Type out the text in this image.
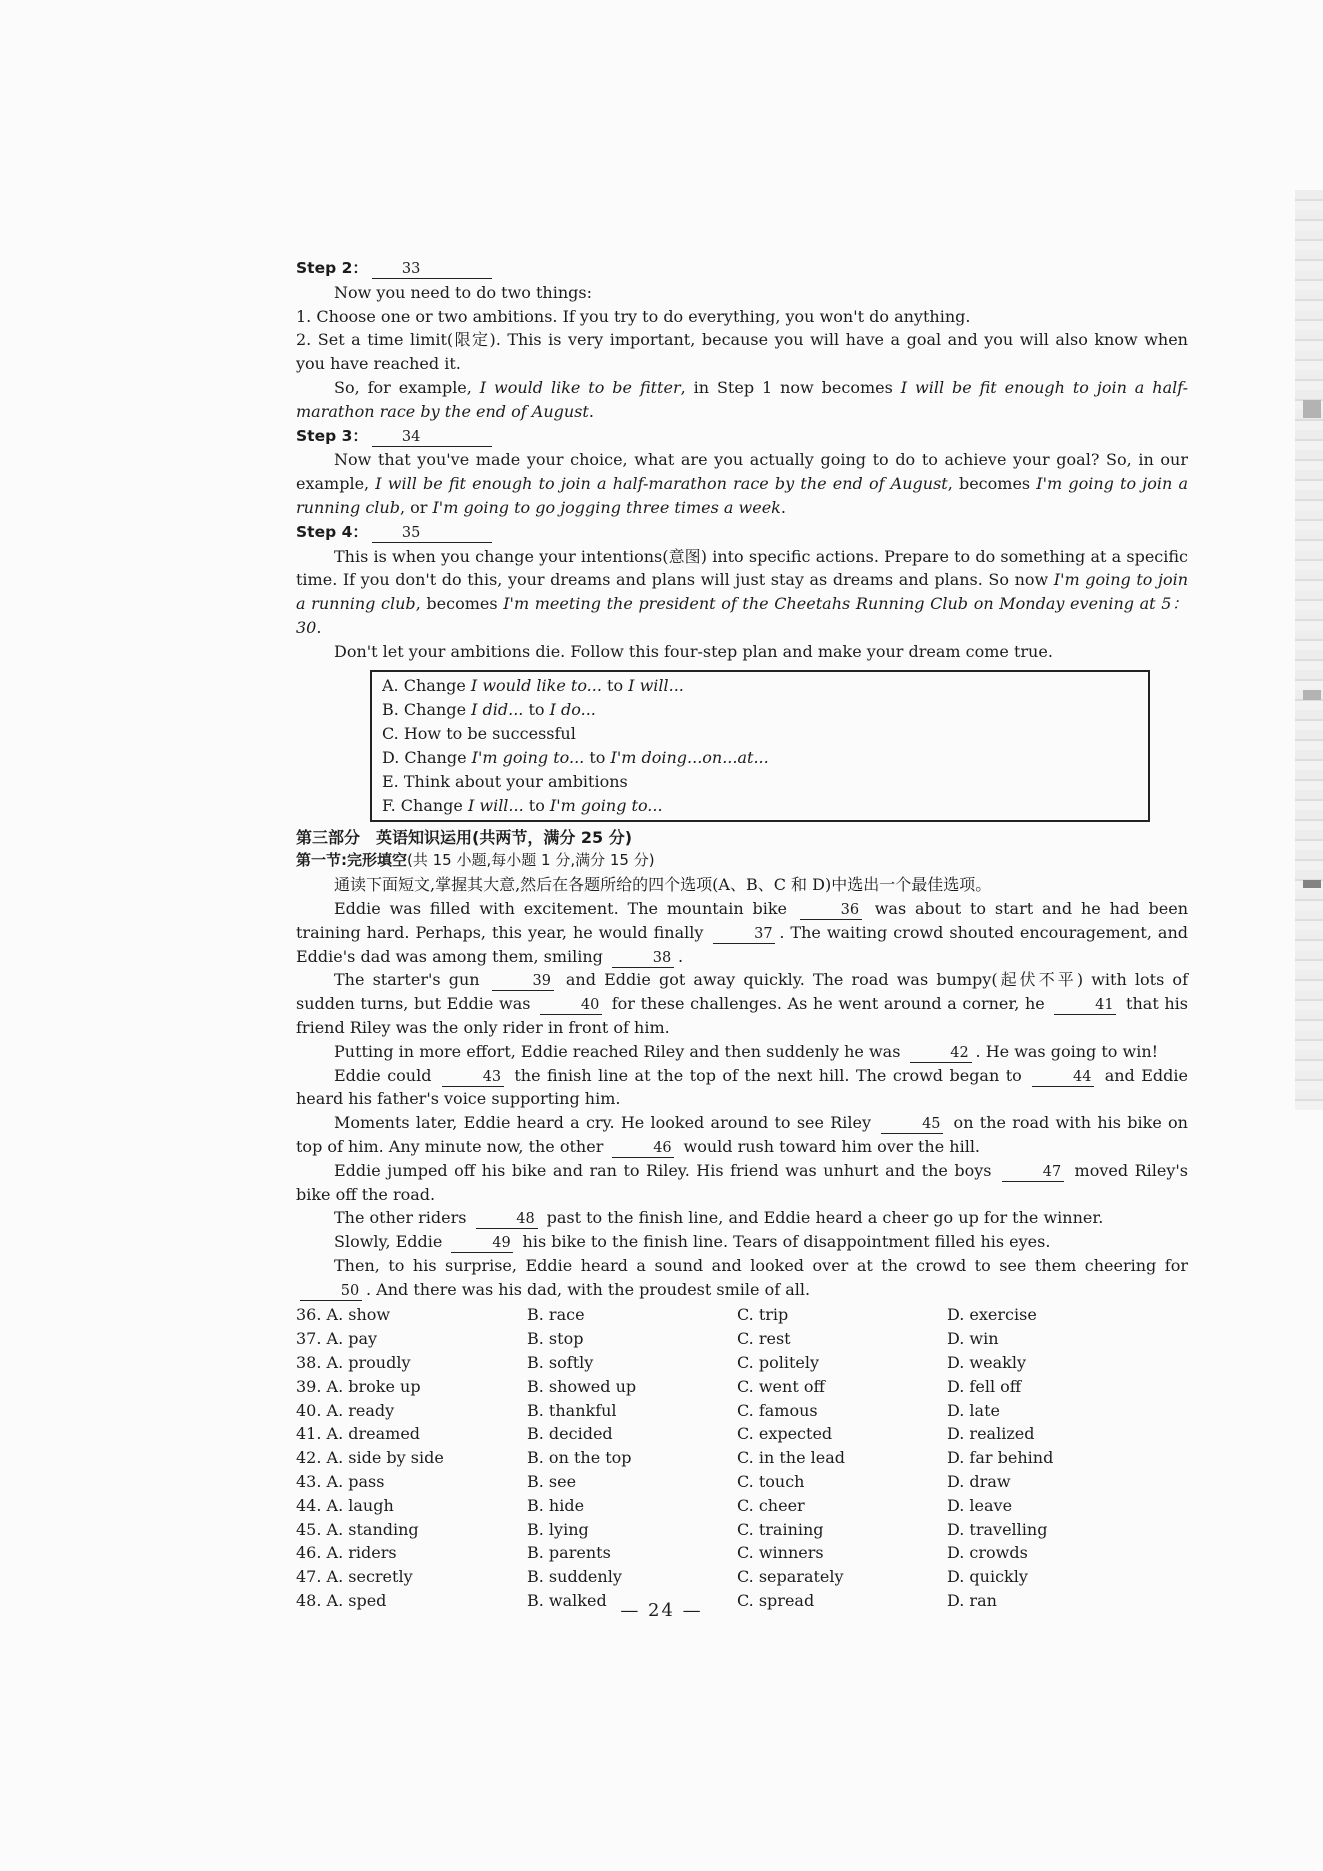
Step 2： 33

Now you need to do two things:

1. Choose one or two ambitions. If you try to do everything, you won't do anything.

2. Set a time limit(限定). This is very important, because you will have a goal and you will also know when you have reached it.

So, for example, I would like to be fitter, in Step 1 now becomes I will be fit enough to join a half-marathon race by the end of August.

Step 3： 34

Now that you've made your choice, what are you actually going to do to achieve your goal? So, in our example, I will be fit enough to join a half-marathon race by the end of August, becomes I'm going to join a running club, or I'm going to go jogging three times a week.

Step 4： 35

This is when you change your intentions(意图) into specific actions. Prepare to do something at a specific time. If you don't do this, your dreams and plans will just stay as dreams and plans. So now I'm going to join a running club, becomes I'm meeting the president of the Cheetahs Running Club on Monday evening at 5：30.

Don't let your ambitions die. Follow this four-step plan and make your dream come true.

A. Change I would like to... to I will...
B. Change I did... to I do...
C. How to be successful
D. Change I'm going to... to I'm doing...on...at...
E. Think about your ambitions
F. Change I will... to I'm going to...

第三部分　英语知识运用(共两节，满分 25 分)

第一节:完形填空(共 15 小题,每小题 1 分,满分 15 分)

通读下面短文,掌握其大意,然后在各题所给的四个选项(A、B、C 和 D)中选出一个最佳选项。

Eddie was filled with excitement. The mountain bike	36 was about to start and he had been training hard. Perhaps, this year, he would finally	37 . The waiting crowd shouted encouragement, and Eddie's dad was among them, smiling	38 .

The starter's gun	39 and Eddie got away quickly. The road was bumpy(起伏不平) with lots of sudden turns, but Eddie was	40 for these challenges. As he went around a corner, he	41 that his friend Riley was the only rider in front of him.

Putting in more effort, Eddie reached Riley and then suddenly he was	42 . He was going to win!

Eddie could	43 the finish line at the top of the next hill. The crowd began to	44 and Eddie heard his father's voice supporting him.

Moments later, Eddie heard a cry. He looked around to see Riley	45 on the road with his bike on top of him. Any minute now, the other	46 would rush toward him over the hill.

Eddie jumped off his bike and ran to Riley. His friend was unhurt and the boys	47 moved Riley's bike off the road.

The other riders	48 past to the finish line, and Eddie heard a cheer go up for the winner.

Slowly, Eddie	49 his bike to the finish line. Tears of disappointment filled his eyes.

Then, to his surprise, Eddie heard a sound and looked over at the crowd to see them cheering for 50 . And there was his dad, with the proudest smile of all.

36. A. show	B. race	C. trip	D. exercise
37. A. pay	B. stop	C. rest	D. win
38. A. proudly	B. softly	C. politely	D. weakly
39. A. broke up	B. showed up	C. went off	D. fell off
40. A. ready	B. thankful	C. famous	D. late
41. A. dreamed	B. decided	C. expected	D. realized
42. A. side by side	B. on the top	C. in the lead	D. far behind
43. A. pass	B. see	C. touch	D. draw
44. A. laugh	B. hide	C. cheer	D. leave
45. A. standing	B. lying	C. training	D. travelling
46. A. riders	B. parents	C. winners	D. crowds
47. A. secretly	B. suddenly	C. separately	D. quickly
48. A. sped	B. walked	C. spread	D. ran
— 24 —
